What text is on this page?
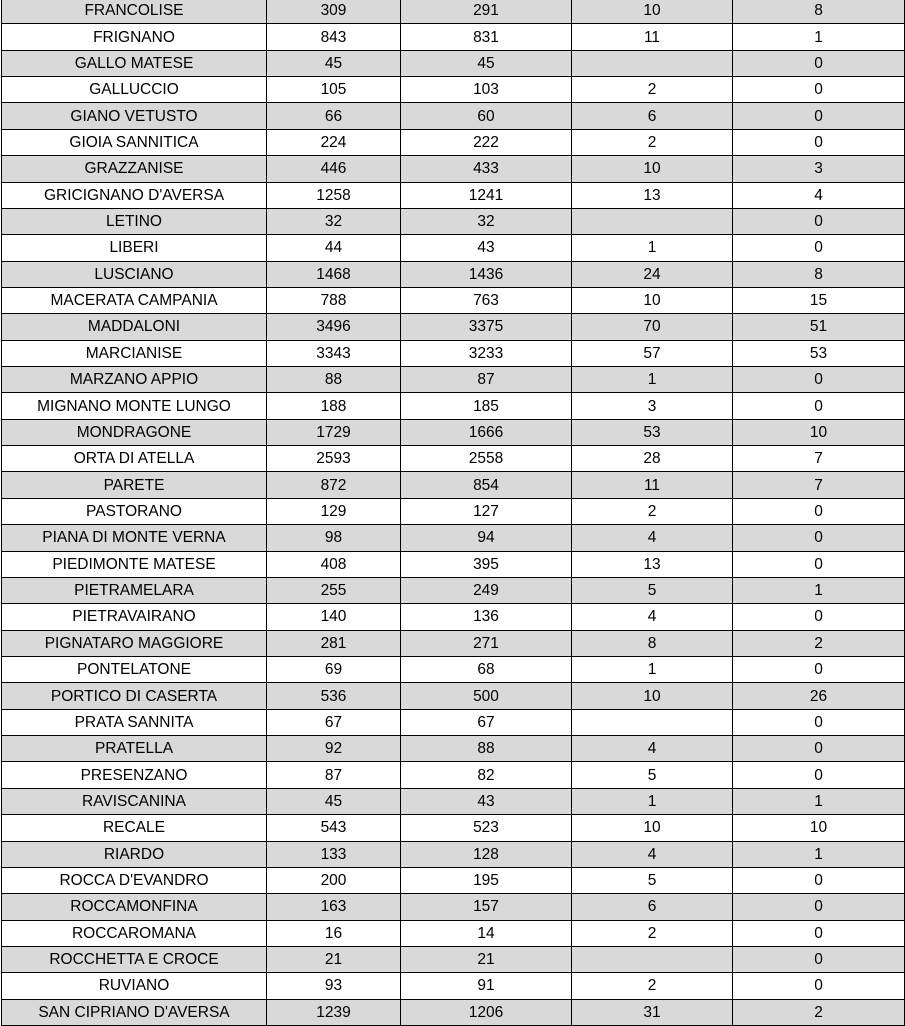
FRANCOLISE	309	291	10	8
FRIGNANO	843	831	11	1
GALLO MATESE	45	45		0
GALLUCCIO	105	103	2	0
GIANO VETUSTO	66	60	6	0
GIOIA SANNITICA	224	222	2	0
GRAZZANISE	446	433	10	3
GRICIGNANO D'AVERSA	1258	1241	13	4
LETINO	32	32		0
LIBERI	44	43	1	0
LUSCIANO	1468	1436	24	8
MACERATA CAMPANIA	788	763	10	15
MADDALONI	3496	3375	70	51
MARCIANISE	3343	3233	57	53
MARZANO APPIO	88	87	1	0
MIGNANO MONTE LUNGO	188	185	3	0
MONDRAGONE	1729	1666	53	10
ORTA DI ATELLA	2593	2558	28	7
PARETE	872	854	11	7
PASTORANO	129	127	2	0
PIANA DI MONTE VERNA	98	94	4	0
PIEDIMONTE MATESE	408	395	13	0
PIETRAMELARA	255	249	5	1
PIETRAVAIRANO	140	136	4	0
PIGNATARO MAGGIORE	281	271	8	2
PONTELATONE	69	68	1	0
PORTICO DI CASERTA	536	500	10	26
PRATA SANNITA	67	67		0
PRATELLA	92	88	4	0
PRESENZANO	87	82	5	0
RAVISCANINA	45	43	1	1
RECALE	543	523	10	10
RIARDO	133	128	4	1
ROCCA D'EVANDRO	200	195	5	0
ROCCAMONFINA	163	157	6	0
ROCCAROMANA	16	14	2	0
ROCCHETTA E CROCE	21	21		0
RUVIANO	93	91	2	0
SAN CIPRIANO D'AVERSA	1239	1206	31	2
